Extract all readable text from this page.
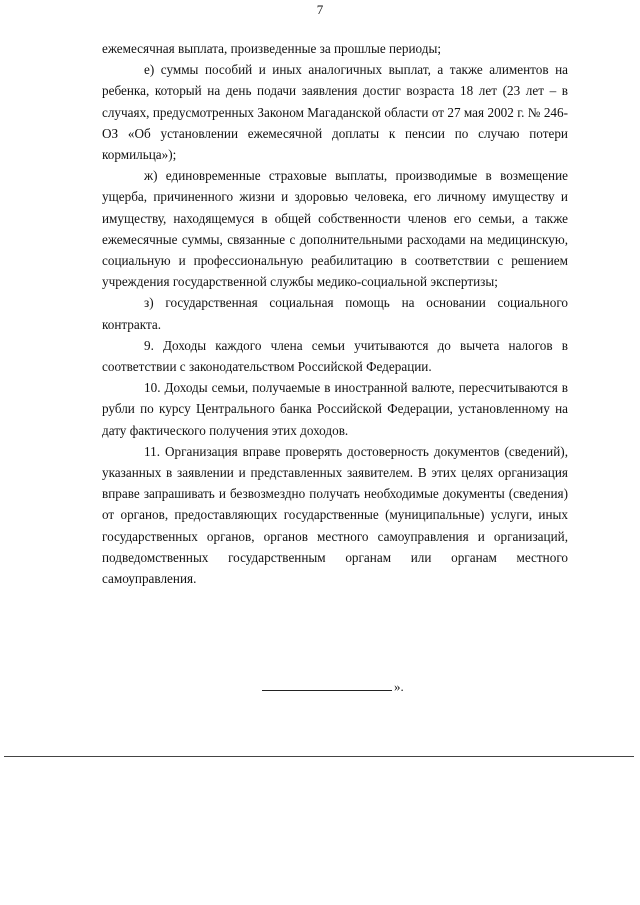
7

ежемесячная выплата, произведенные за прошлые периоды;

е) суммы пособий и иных аналогичных выплат, а также алиментов на ребенка, который на день подачи заявления достиг возраста 18 лет (23 лет – в случаях, предусмотренных Законом Магаданской области от 27 мая 2002 г. № 246-ОЗ «Об установлении ежемесячной доплаты к пенсии по случаю потери кормильца»);

ж) единовременные страховые выплаты, производимые в возмещение ущерба, причиненного жизни и здоровью человека, его личному имуществу и имуществу, находящемуся в общей собственности членов его семьи, а также ежемесячные суммы, связанные с дополнительными расходами на медицинскую, социальную и профессиональную реабилитацию в соответствии с решением учреждения государственной службы медико-социальной экспертизы;

з) государственная социальная помощь на основании социального контракта.

9. Доходы каждого члена семьи учитываются до вычета налогов в соответствии с законодательством Российской Федерации.

10. Доходы семьи, получаемые в иностранной валюте, пересчитываются в рубли по курсу Центрального банка Российской Федерации, установленному на дату фактического получения этих доходов.

11. Организация вправе проверять достоверность документов (сведений), указанных в заявлении и представленных заявителем. В этих целях организация вправе запрашивать и безвозмездно получать необходимые документы (сведения) от органов, предоставляющих государственные (муниципальные) услуги, иных государственных органов, органов местного самоуправления и организаций, подведомственных государственным органам или органам местного самоуправления.

».
